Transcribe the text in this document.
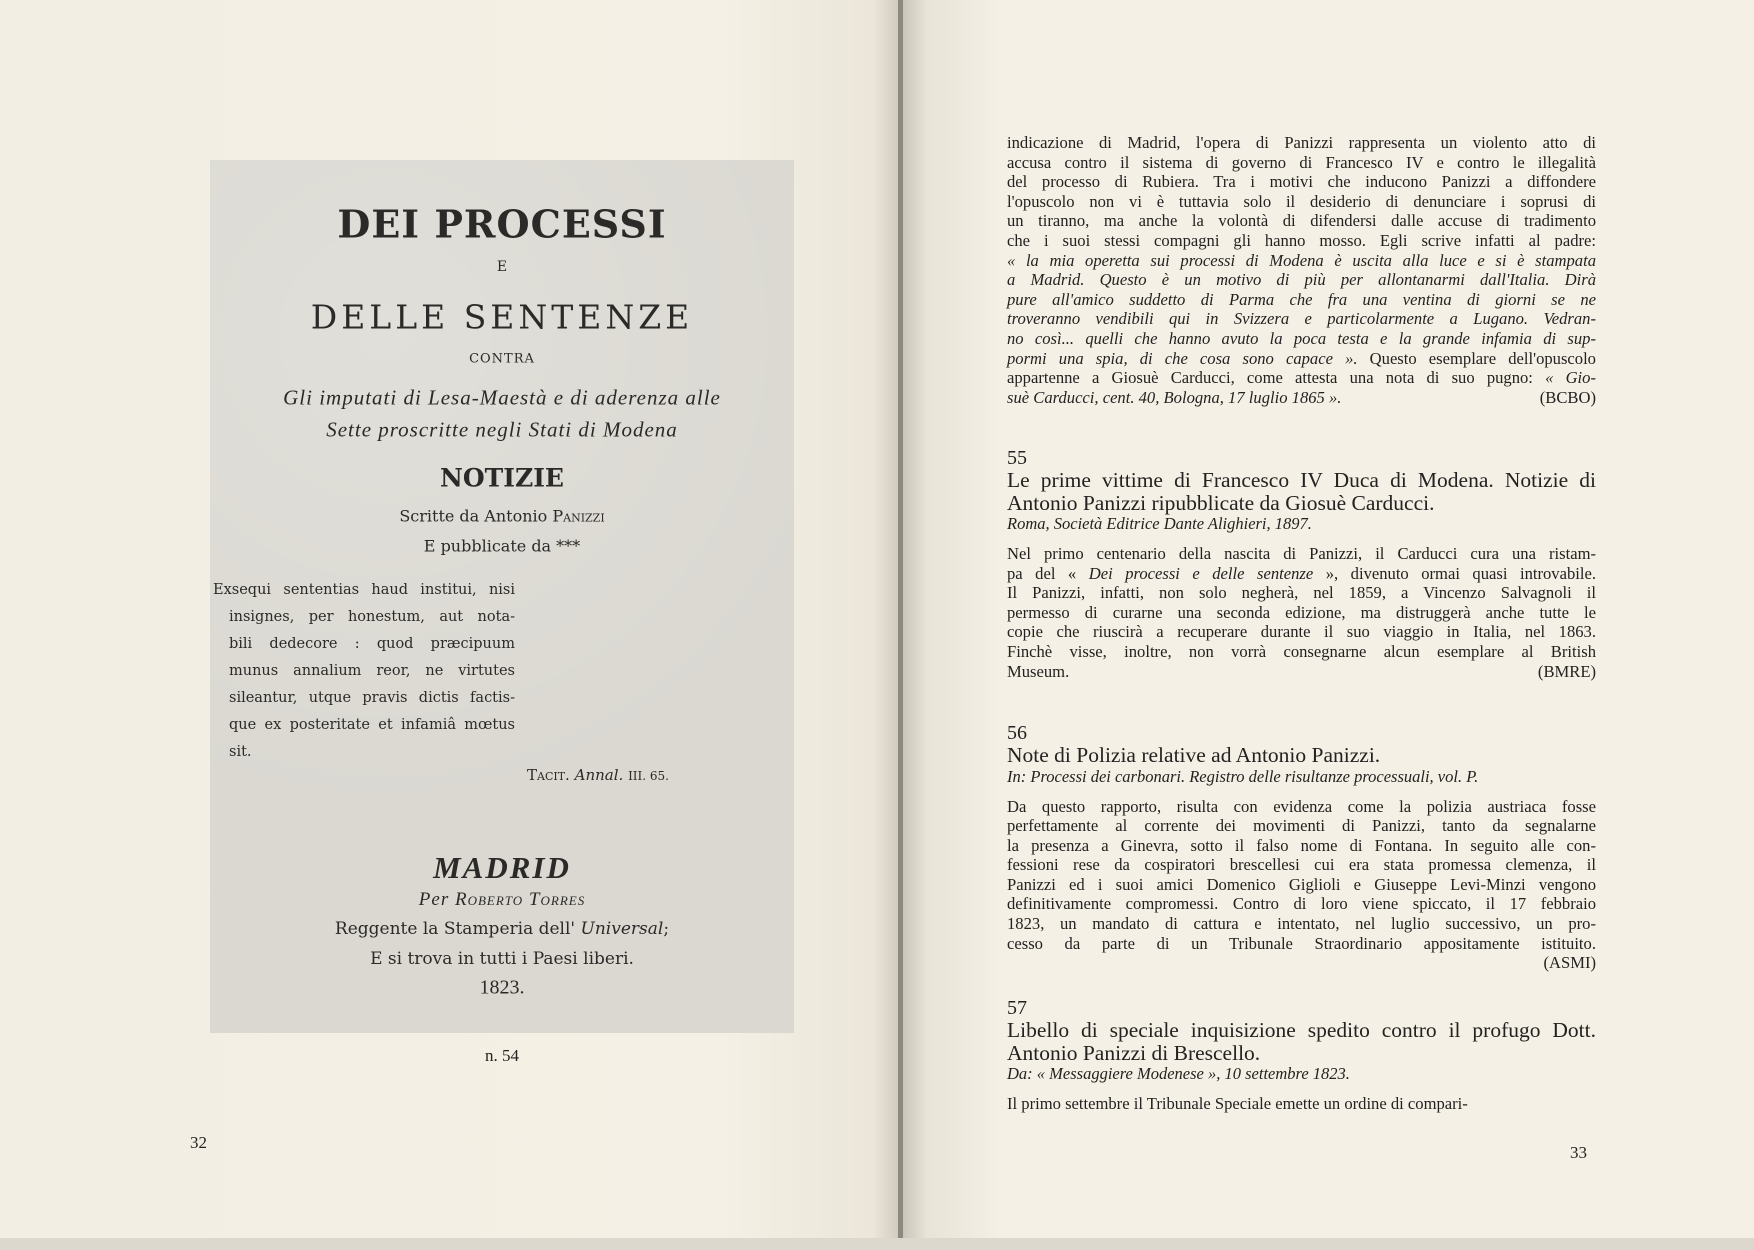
DEI PROCESSI
E
DELLE SENTENZE
CONTRA
Gli imputati di Lesa-Maestà e di aderenza alle
Sette proscritte negli Stati di Modena
NOTIZIE
Scritte da Antonio Panizzi
E pubblicate da ***
Tacit. Annal. III. 65.
MADRID
Per Roberto Torres
Reggente la Stamperia dell' Universal;
E si trova in tutti i Paesi liberi.
1823.
Exsequi sententias haud institui, nisi
insignes, per honestum, aut nota-
bili dedecore : quod præcipuum
munus annalium reor, ne virtutes
sileantur, utque pravis dictis factis-
que ex posteritate et infamiâ mœtus
sit.
n. 54
32
33
indicazione di Madrid, l'opera di Panizzi rappresenta un violento atto di
accusa contro il sistema di governo di Francesco IV e contro le illegalità
del processo di Rubiera. Tra i motivi che inducono Panizzi a diffondere
l'opuscolo non vi è tuttavia solo il desiderio di denunciare i soprusi di
un tiranno, ma anche la volontà di difendersi dalle accuse di tradimento
che i suoi stessi compagni gli hanno mosso. Egli scrive infatti al padre:
« la mia operetta sui processi di Modena è uscita alla luce e si è stampata
a Madrid. Questo è un motivo di più per allontanarmi dall'Italia. Dirà
pure all'amico suddetto di Parma che fra una ventina di giorni se ne
troveranno vendibili qui in Svizzera e particolarmente a Lugano. Vedran-
no così... quelli che hanno avuto la poca testa e la grande infamia di sup-
pormi una spia, di che cosa sono capace ». Questo esemplare dell'opuscolo
appartenne a Giosuè Carducci, come attesta una nota di suo pugno: « Gio-
suè Carducci, cent. 40, Bologna, 17 luglio 1865 ».	(BCBO)
55
Le prime vittime di Francesco IV Duca di Modena. Notizie di
Antonio Panizzi ripubblicate da Giosuè Carducci.
Roma, Società Editrice Dante Alighieri, 1897.
Nel primo centenario della nascita di Panizzi, il Carducci cura una ristam-
pa del « Dei processi e delle sentenze », divenuto ormai quasi introvabile.
Il Panizzi, infatti, non solo negherà, nel 1859, a Vincenzo Salvagnoli il
permesso di curarne una seconda edizione, ma distruggerà anche tutte le
copie che riuscirà a recuperare durante il suo viaggio in Italia, nel 1863.
Finchè visse, inoltre, non vorrà consegnarne alcun esemplare al British
Museum.	(BMRE)
56
Note di Polizia relative ad Antonio Panizzi.
In: Processi dei carbonari. Registro delle risultanze processuali, vol. P.
Da questo rapporto, risulta con evidenza come la polizia austriaca fosse
perfettamente al corrente dei movimenti di Panizzi, tanto da segnalarne
la presenza a Ginevra, sotto il falso nome di Fontana. In seguito alle con-
fessioni rese da cospiratori brescellesi cui era stata promessa clemenza, il
Panizzi ed i suoi amici Domenico Giglioli e Giuseppe Levi-Minzi vengono
definitivamente compromessi. Contro di loro viene spiccato, il 17 febbraio
1823, un mandato di cattura e intentato, nel luglio successivo, un pro-
cesso da parte di un Tribunale Straordinario appositamente istituito.

(ASMI)
57
Libello di speciale inquisizione spedito contro il profugo Dott.
Antonio Panizzi di Brescello.
Da: « Messaggiere Modenese », 10 settembre 1823.
Il primo settembre il Tribunale Speciale emette un ordine di compari-
